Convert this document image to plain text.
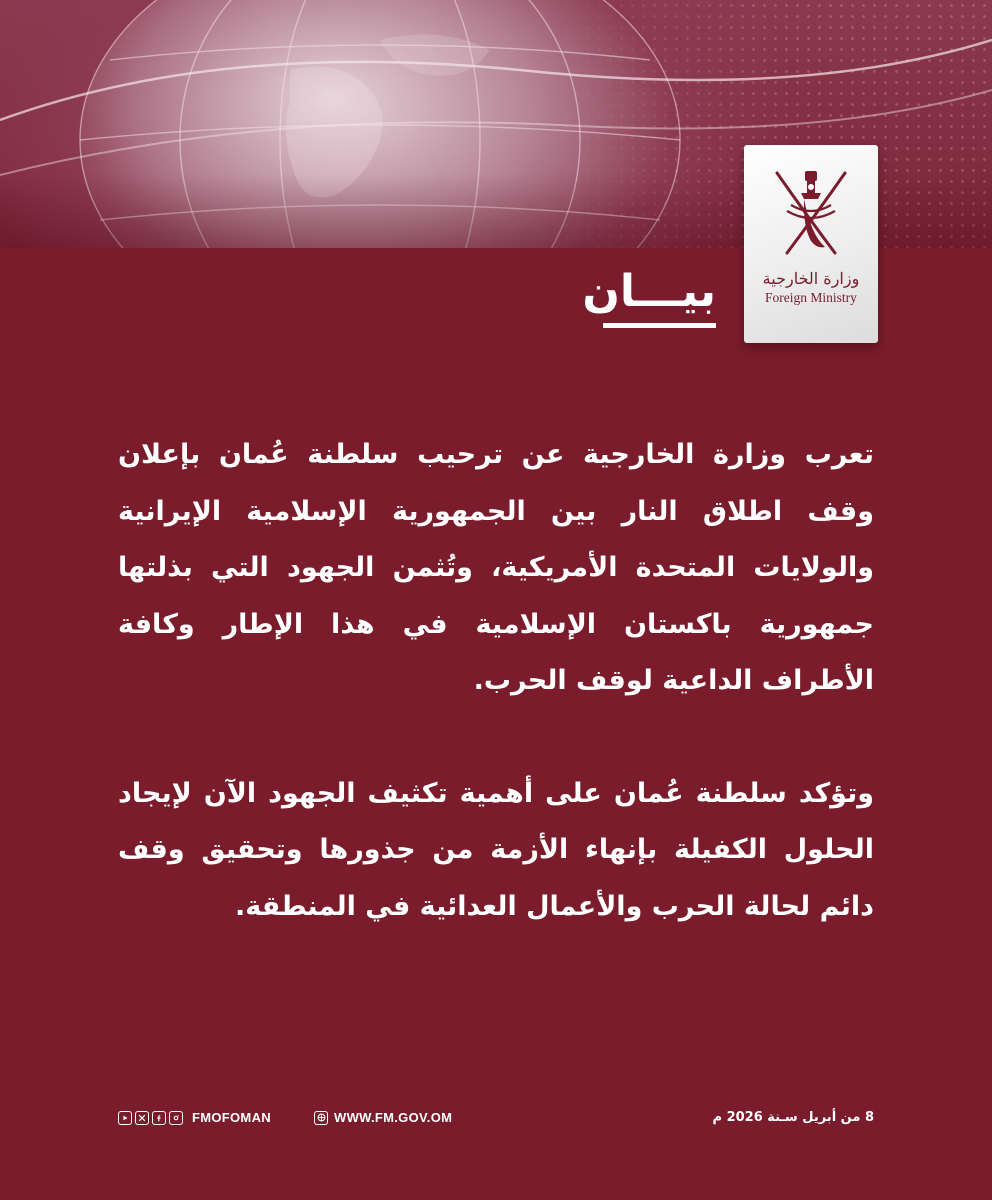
وزارة الخارجية
Foreign Ministry
بيـــان

تعرب وزارة الخارجية عن ترحيب سلطنة عُمان بإعلان وقف اطلاق النار بين الجمهورية الإسلامية الإيرانية والولايات المتحدة الأمريكية، وتُثمن الجهود التي بذلتها جمهورية باكستان الإسلامية في هذا الإطار وكافة الأطراف الداعية لوقف الحرب.

وتؤكد سلطنة عُمان على أهمية تكثيف الجهود الآن لإيجاد الحلول الكفيلة بإنهاء الأزمة من جذورها وتحقيق وقف دائم لحالة الحرب والأعمال العدائية في المنطقة.

8 من أبريل سـنة 2026 م
WWW.FM.GOV.OM
FMOFOMAN
